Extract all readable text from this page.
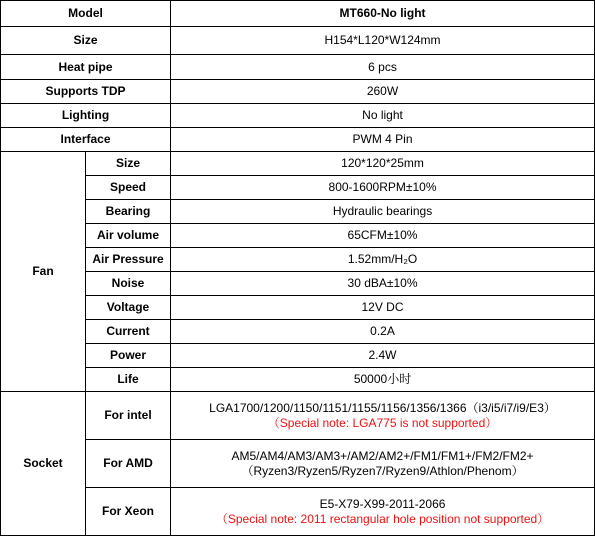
Model		MT660-No light
Size		H154*L120*W124mm
Heat pipe		6 pcs
Supports TDP		260W
Lighting		No light
Interface		PWM 4 Pin
Fan	Size	120*120*25mm
	Speed	800-1600RPM±10%
	Bearing	Hydraulic bearings
	Air volume	65CFM±10%
	Air Pressure	1.52mm/H₂O
	Noise	30 dBA±10%
	Voltage	12V DC
	Current	0.2A
	Power	2.4W
	Life	50000小时
Socket	For intel	LGA1700/1200/1150/1151/1155/1156/1356/1366（i3/i5/i7/i9/E3）
（Special note: LGA775 is not supported）

	For AMD	AM5/AM4/AM3/AM3+/AM2/AM2+/FM1/FM1+/FM2/FM2+
（Ryzen3/Ryzen5/Ryzen7/Ryzen9/Athlon/Phenom）

	For Xeon	E5-X79-X99-2011-2066
（Special note: 2011 rectangular hole position not supported）
